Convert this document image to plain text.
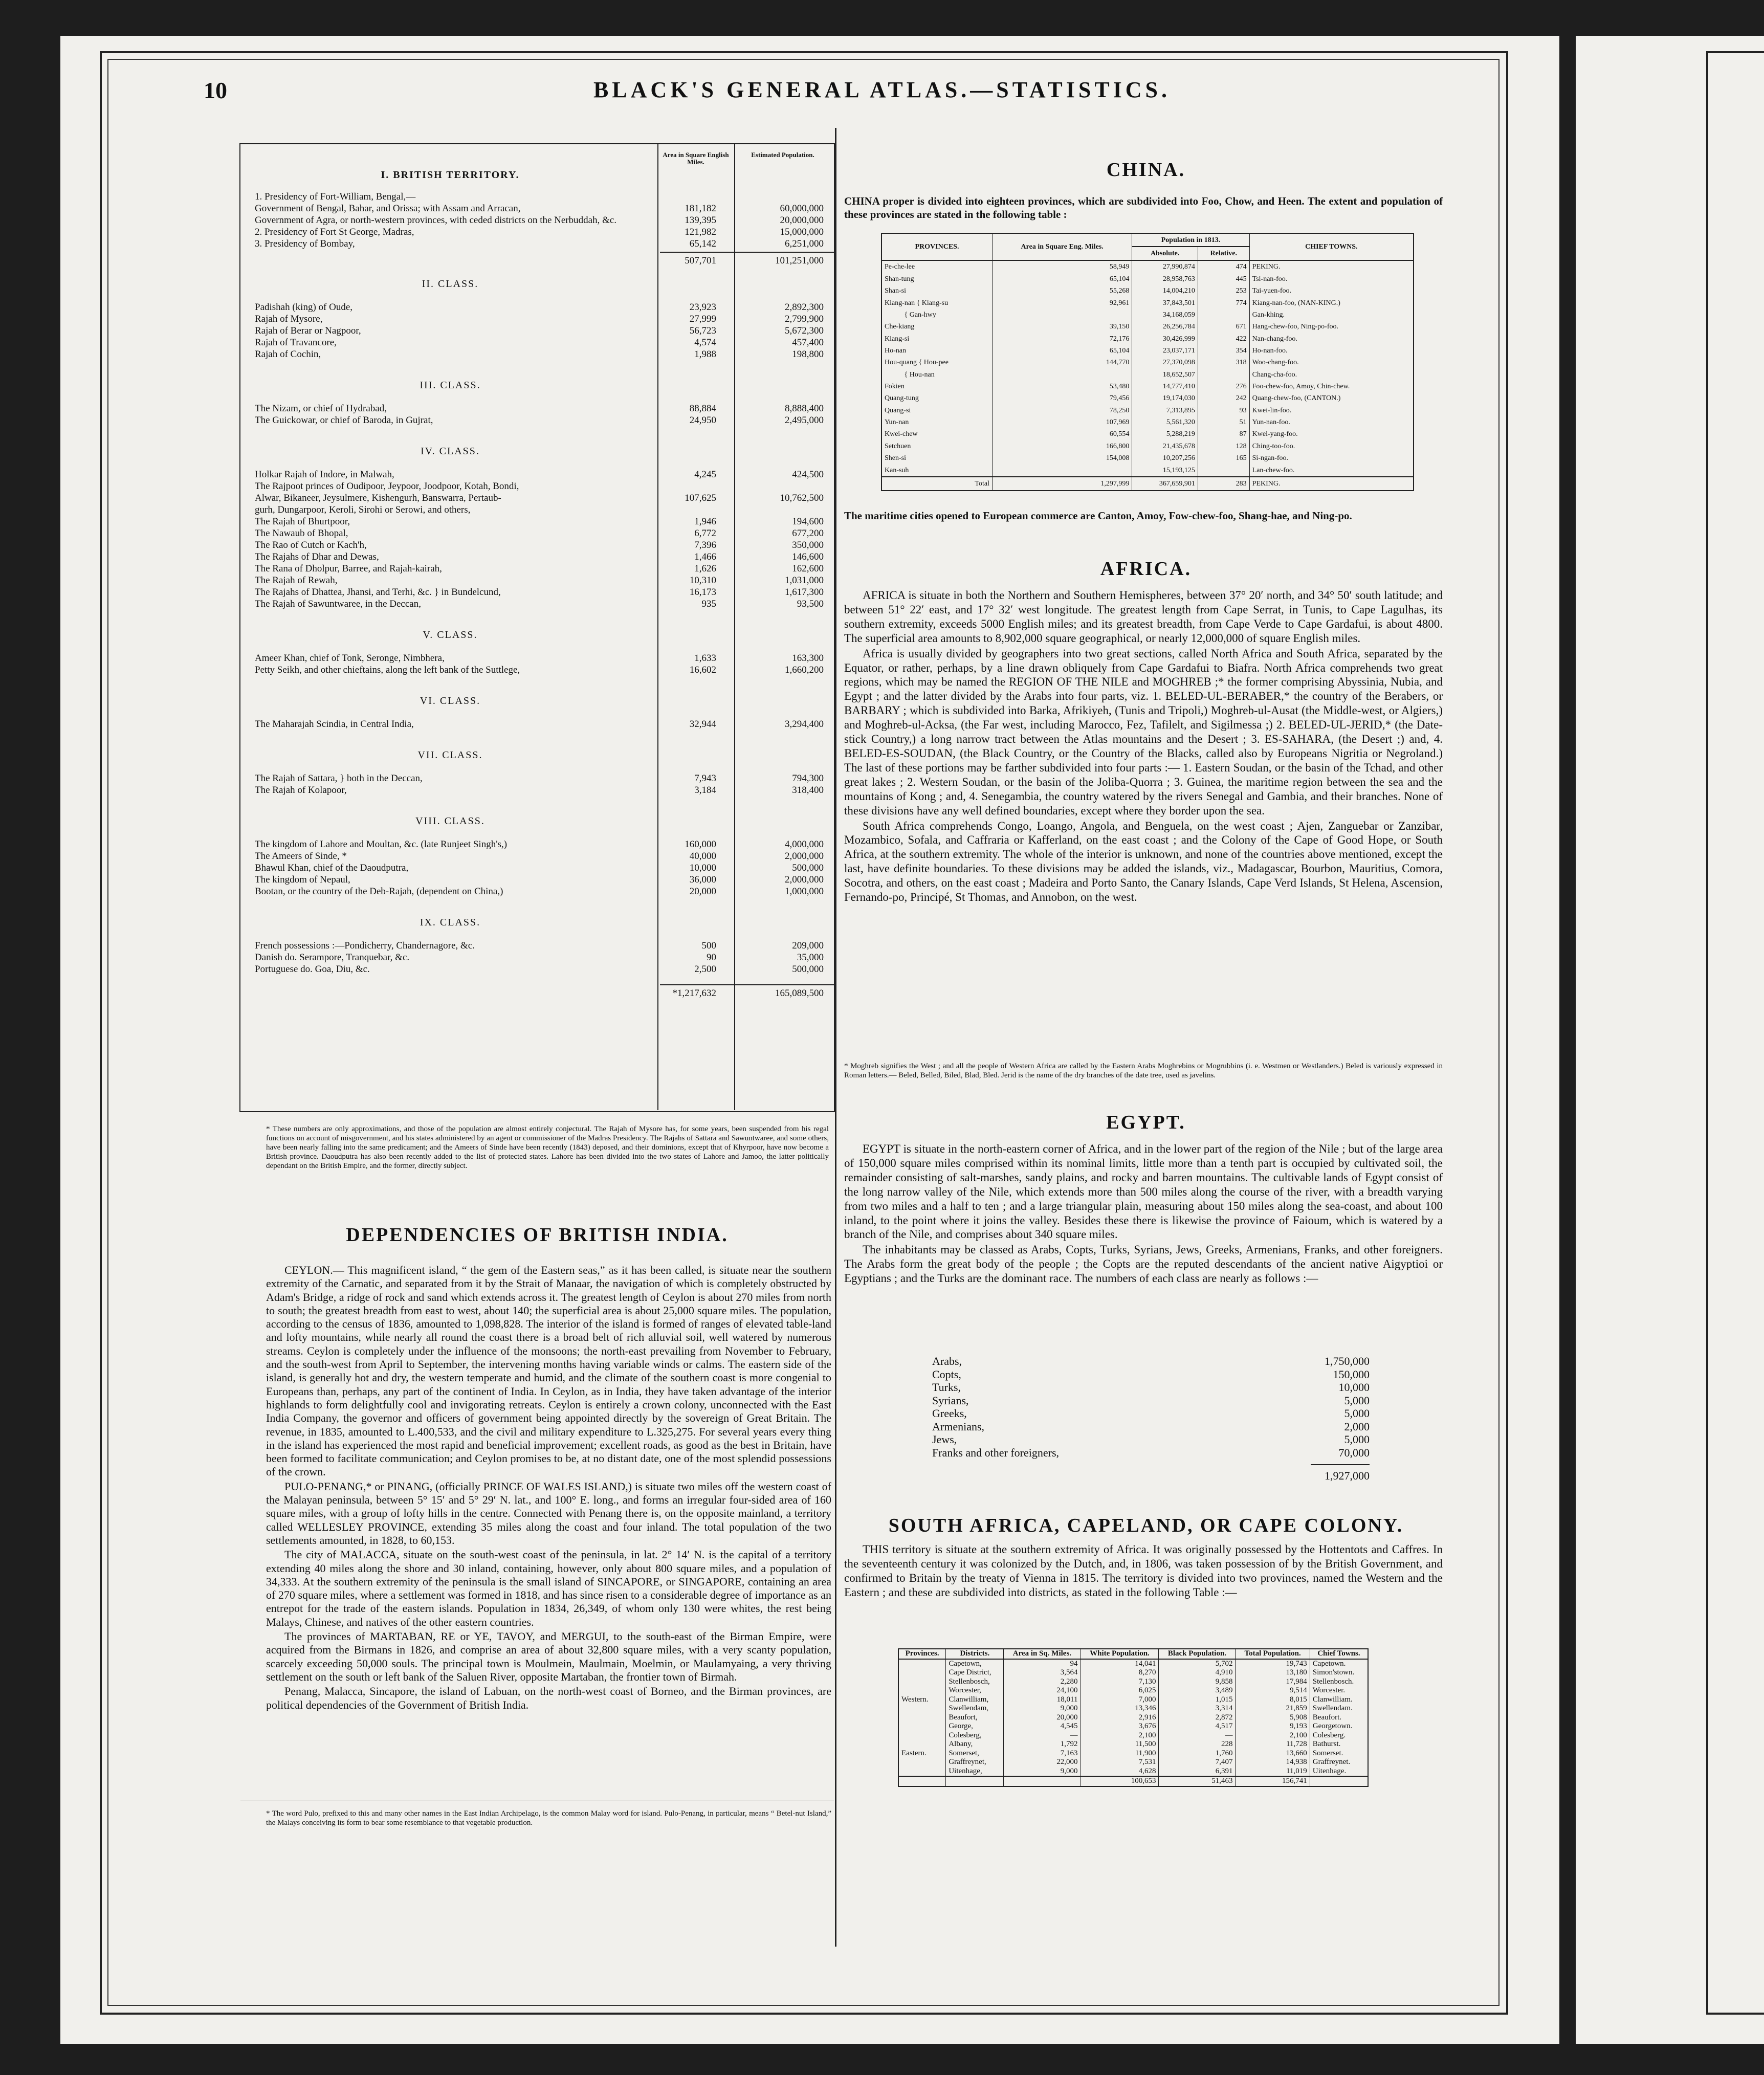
10	BLACK'S GENERAL ATLAS.—STATISTICS.
Area in Square English Miles.
Estimated Population.
I. BRITISH TERRITORY.
1. Presidency of Fort-William, Bengal,—
Government of Bengal, Bahar, and Orissa; with Assam and Arracan,	181,182	60,000,000
Government of Agra, or north-western provinces, with ceded districts on the Nerbuddah, &c.	139,395	20,000,000
2. Presidency of Fort St George, Madras,	121,982	15,000,000
3. Presidency of Bombay,	65,142	6,251,000
507,701	101,251,000
II. CLASS.
Padishah (king) of Oude,	23,923	2,892,300
Rajah of Mysore,	27,999	2,799,900
Rajah of Berar or Nagpoor,	56,723	5,672,300
Rajah of Travancore,	4,574	457,400
Rajah of Cochin,	1,988	198,800
III. CLASS.
The Nizam, or chief of Hydrabad,	88,884	8,888,400
The Guickowar, or chief of Baroda, in Gujrat,	24,950	2,495,000
IV. CLASS.
Holkar Rajah of Indore, in Malwah,	4,245	424,500
The Rajpoot princes of Oudipoor, Jeypoor, Joodpoor, Kotah, Bondi,
Alwar, Bikaneer, Jeysulmere, Kishengurh, Banswarra, Pertaub-	107,625	10,762,500
gurh, Dungarpoor, Keroli, Sirohi or Serowi, and others,
The Rajah of Bhurtpoor,	1,946	194,600
The Nawaub of Bhopal,	6,772	677,200
The Rao of Cutch or Kach'h,	7,396	350,000
The Rajahs of Dhar and Dewas,	1,466	146,600
The Rana of Dholpur, Barree, and Rajah-kairah,	1,626	162,600
The Rajah of Rewah,	10,310	1,031,000
The Rajahs of Dhattea, Jhansi, and Terhi, &c. } in Bundelcund,	16,173	1,617,300
The Rajah of Sawuntwaree, in the Deccan,	935	93,500
V. CLASS.
Ameer Khan, chief of Tonk, Seronge, Nimbhera,	1,633	163,300
Petty Seikh, and other chieftains, along the left bank of the Suttlege,	16,602	1,660,200
VI. CLASS.
The Maharajah Scindia, in Central India,	32,944	3,294,400
VII. CLASS.
The Rajah of Sattara, } both in the Deccan,	7,943	794,300
The Rajah of Kolapoor,	3,184	318,400
VIII. CLASS.
The kingdom of Lahore and Moultan, &c. (late Runjeet Singh's,)	160,000	4,000,000
The Ameers of Sinde, *	40,000	2,000,000
Bhawul Khan, chief of the Daoudputra,	10,000	500,000
The kingdom of Nepaul,	36,000	2,000,000
Bootan, or the country of the Deb-Rajah, (dependent on China,)	20,000	1,000,000
IX. CLASS.
French possessions :—Pondicherry, Chandernagore, &c.	500	209,000
Danish do. Serampore, Tranquebar, &c.	90	35,000
Portuguese do. Goa, Diu, &c.	2,500	500,000
*1,217,632	165,089,500
* These numbers are only approximations, and those of the population are almost entirely conjectural. The Rajah of Mysore has, for some years, been suspended from his regal functions on account of misgovernment, and his states administered by an agent or commissioner of the Madras Presidency. The Rajahs of Sattara and Sawuntwaree, and some others, have been nearly falling into the same predicament; and the Ameers of Sinde have been recently (1843) deposed, and their dominions, except that of Khyrpoor, have now become a British province. Daoudputra has also been recently added to the list of protected states. Lahore has been divided into the two states of Lahore and Jamoo, the latter politically dependant on the British Empire, and the former, directly subject.
DEPENDENCIES OF BRITISH INDIA.

CEYLON.— This magnificent island, “ the gem of the Eastern seas,” as it has been called, is situate near the southern extremity of the Carnatic, and separated from it by the Strait of Manaar, the navigation of which is completely obstructed by Adam's Bridge, a ridge of rock and sand which extends across it. The greatest length of Ceylon is about 270 miles from north to south; the greatest breadth from east to west, about 140; the superficial area is about 25,000 square miles. The population, according to the census of 1836, amounted to 1,098,828. The interior of the island is formed of ranges of elevated table-land and lofty mountains, while nearly all round the coast there is a broad belt of rich alluvial soil, well watered by numerous streams. Ceylon is completely under the influence of the monsoons; the north-east prevailing from November to February, and the south-west from April to September, the intervening months having variable winds or calms. The eastern side of the island, is generally hot and dry, the western temperate and humid, and the climate of the southern coast is more congenial to Europeans than, perhaps, any part of the continent of India. In Ceylon, as in India, they have taken advantage of the interior highlands to form delightfully cool and invigorating retreats. Ceylon is entirely a crown colony, unconnected with the East India Company, the governor and officers of government being appointed directly by the sovereign of Great Britain. The revenue, in 1835, amounted to L.400,533, and the civil and military expenditure to L.325,275. For several years every thing in the island has experienced the most rapid and beneficial improvement; excellent roads, as good as the best in Britain, have been formed to facilitate communication; and Ceylon promises to be, at no distant date, one of the most splendid possessions of the crown.

PULO-PENANG,* or PINANG, (officially PRINCE OF WALES ISLAND,) is situate two miles off the western coast of the Malayan peninsula, between 5° 15′ and 5° 29′ N. lat., and 100° E. long., and forms an irregular four-sided area of 160 square miles, with a group of lofty hills in the centre. Connected with Penang there is, on the opposite mainland, a territory called WELLESLEY PROVINCE, extending 35 miles along the coast and four inland. The total population of the two settlements amounted, in 1828, to 60,153.

The city of MALACCA, situate on the south-west coast of the peninsula, in lat. 2° 14′ N. is the capital of a territory extending 40 miles along the shore and 30 inland, containing, however, only about 800 square miles, and a population of 34,333. At the southern extremity of the peninsula is the small island of SINCAPORE, or SINGAPORE, containing an area of 270 square miles, where a settlement was formed in 1818, and has since risen to a considerable degree of importance as an entrepot for the trade of the eastern islands. Population in 1834, 26,349, of whom only 130 were whites, the rest being Malays, Chinese, and natives of the other eastern countries.

The provinces of MARTABAN, RE or YE, TAVOY, and MERGUI, to the south-east of the Birman Empire, were acquired from the Birmans in 1826, and comprise an area of about 32,800 square miles, with a very scanty population, scarcely exceeding 50,000 souls. The principal town is Moulmein, Maulmain, Moelmin, or Maulamyaing, a very thriving settlement on the south or left bank of the Saluen River, opposite Martaban, the frontier town of Birmah.

Penang, Malacca, Sincapore, the island of Labuan, on the north-west coast of Borneo, and the Birman provinces, are political dependencies of the Government of British India.

* The word Pulo, prefixed to this and many other names in the East Indian Archipelago, is the common Malay word for island. Pulo-Penang, in particular, means “ Betel-nut Island,” the Malays conceiving its form to bear some resemblance to that vegetable production.
CHINA.
CHINA proper is divided into eighteen provinces, which are subdivided into Foo, Chow, and Heen. The extent and population of these provinces are stated in the following table :
PROVINCES.	Area in Square Eng. Miles.	Population in 1813.		CHIEF TOWNS.
		Absolute.	Relative.	
Pe-che-lee	58,949	27,990,874	474	PEKING.
Shan-tung	65,104	28,958,763	445	Tsi-nan-foo.
Shan-si	55,268	14,004,210	253	Tai-yuen-foo.
Kiang-nan { Kiang-su	92,961	37,843,501	774	Kiang-nan-foo, (NAN-KING.)
{ Gan-hwy		34,168,059		Gan-khing.
Che-kiang	39,150	26,256,784	671	Hang-chew-foo, Ning-po-foo.
Kiang-si	72,176	30,426,999	422	Nan-chang-foo.
Ho-nan	65,104	23,037,171	354	Ho-nan-foo.
Hou-quang { Hou-pee	144,770	27,370,098	318	Woo-chang-foo.
{ Hou-nan		18,652,507		Chang-cha-foo.
Fokien	53,480	14,777,410	276	Foo-chew-foo, Amoy, Chin-chew.
Quang-tung	79,456	19,174,030	242	Quang-chew-foo, (CANTON.)
Quang-si	78,250	7,313,895	93	Kwei-lin-foo.
Yun-nan	107,969	5,561,320	51	Yun-nan-foo.
Kwei-chew	60,554	5,288,219	87	Kwei-yang-foo.
Setchuen	166,800	21,435,678	128	Ching-too-foo.
Shen-si	154,008	10,207,256	165	Si-ngan-foo.
Kan-suh		15,193,125		Lan-chew-foo.
Total	1,297,999	367,659,901	283	PEKING.
The maritime cities opened to European commerce are Canton, Amoy, Fow-chew-foo, Shang-hae, and Ning-po.
AFRICA.

AFRICA is situate in both the Northern and Southern Hemispheres, between 37° 20′ north, and 34° 50′ south latitude; and between 51° 22′ east, and 17° 32′ west longitude. The greatest length from Cape Serrat, in Tunis, to Cape Lagulhas, its southern extremity, exceeds 5000 English miles; and its greatest breadth, from Cape Verde to Cape Gardafui, is about 4800. The superficial area amounts to 8,902,000 square geographical, or nearly 12,000,000 of square English miles.

Africa is usually divided by geographers into two great sections, called North Africa and South Africa, separated by the Equator, or rather, perhaps, by a line drawn obliquely from Cape Gardafui to Biafra. North Africa comprehends two great regions, which may be named the REGION OF THE NILE and MOGHREB ;* the former comprising Abyssinia, Nubia, and Egypt ; and the latter divided by the Arabs into four parts, viz. 1. BELED-UL-BERABER,* the country of the Berabers, or BARBARY ; which is subdivided into Barka, Afrikiyeh, (Tunis and Tripoli,) Moghreb-ul-Ausat (the Middle-west, or Algiers,) and Moghreb-ul-Acksa, (the Far west, including Marocco, Fez, Tafilelt, and Sigilmessa ;) 2. BELED-UL-JERID,* (the Date-stick Country,) a long narrow tract between the Atlas mountains and the Desert ; 3. ES-SAHARA, (the Desert ;) and, 4. BELED-ES-SOUDAN, (the Black Country, or the Country of the Blacks, called also by Europeans Nigritia or Negroland.) The last of these portions may be farther subdivided into four parts :— 1. Eastern Soudan, or the basin of the Tchad, and other great lakes ; 2. Western Soudan, or the basin of the Joliba-Quorra ; 3. Guinea, the maritime region between the sea and the mountains of Kong ; and, 4. Senegambia, the country watered by the rivers Senegal and Gambia, and their branches. None of these divisions have any well defined boundaries, except where they border upon the sea.

South Africa comprehends Congo, Loango, Angola, and Benguela, on the west coast ; Ajen, Zanguebar or Zanzibar, Mozambico, Sofala, and Caffraria or Kafferland, on the east coast ; and the Colony of the Cape of Good Hope, or South Africa, at the southern extremity. The whole of the interior is unknown, and none of the countries above mentioned, except the last, have definite boundaries. To these divisions may be added the islands, viz., Madagascar, Bourbon, Mauritius, Comora, Socotra, and others, on the east coast ; Madeira and Porto Santo, the Canary Islands, Cape Verd Islands, St Helena, Ascension, Fernando-po, Principé, St Thomas, and Annobon, on the west.

* Moghreb signifies the West ; and all the people of Western Africa are called by the Eastern Arabs Moghrebins or Mogrubbins (i. e. Westmen or Westlanders.) Beled is variously expressed in Roman letters.— Beled, Belled, Biled, Blad, Bled. Jerid is the name of the dry branches of the date tree, used as javelins.
EGYPT.

EGYPT is situate in the north-eastern corner of Africa, and in the lower part of the region of the Nile ; but of the large area of 150,000 square miles comprised within its nominal limits, little more than a tenth part is occupied by cultivated soil, the remainder consisting of salt-marshes, sandy plains, and rocky and barren mountains. The cultivable lands of Egypt consist of the long narrow valley of the Nile, which extends more than 500 miles along the course of the river, with a breadth varying from two miles and a half to ten ; and a large triangular plain, measuring about 150 miles along the sea-coast, and about 100 inland, to the point where it joins the valley. Besides these there is likewise the province of Faioum, which is watered by a branch of the Nile, and comprises about 340 square miles.

The inhabitants may be classed as Arabs, Copts, Turks, Syrians, Jews, Greeks, Armenians, Franks, and other foreigners. The Arabs form the great body of the people ; the Copts are the reputed descendants of the ancient native Aigyptioi or Egyptians ; and the Turks are the dominant race. The numbers of each class are nearly as follows :—

Arabs,	1,750,000
Copts,	150,000
Turks,	10,000
Syrians,	5,000
Greeks,	5,000
Armenians,	2,000
Jews,	5,000
Franks and other foreigners,	70,000
1,927,000
SOUTH AFRICA, CAPELAND, OR CAPE COLONY.

THIS territory is situate at the southern extremity of Africa. It was originally possessed by the Hottentots and Caffres. In the seventeenth century it was colonized by the Dutch, and, in 1806, was taken possession of by the British Government, and confirmed to Britain by the treaty of Vienna in 1815. The territory is divided into two provinces, named the Western and the Eastern ; and these are subdivided into districts, as stated in the following Table :—

Provinces.	Districts.	Area in Sq. Miles.	White Population.	Black Population.	Total Population.	Chief Towns.
	Capetown,	94	14,041	5,702	19,743	Capetown.
	Cape District,	3,564	8,270	4,910	13,180	Simon'stown.
	Stellenbosch,	2,280	7,130	9,858	17,984	Stellenbosch.
	Worcester,	24,100	6,025	3,489	9,514	Worcester.
Western.	Clanwilliam,	18,011	7,000	1,015	8,015	Clanwilliam.
	Swellendam,	9,000	13,346	3,314	21,859	Swellendam.
	Beaufort,	20,000	2,916	2,872	5,908	Beaufort.
	George,	4,545	3,676	4,517	9,193	Georgetown.
	Colesberg,	—	2,100	—	2,100	Colesberg.
	Albany,	1,792	11,500	228	11,728	Bathurst.
Eastern.	Somerset,	7,163	11,900	1,760	13,660	Somerset.
	Graffreynet,	22,000	7,531	7,407	14,938	Graffreynet.
	Uitenhage,	9,000	4,628	6,391	11,019	Uitenhage.
			100,653	51,463	156,741	
